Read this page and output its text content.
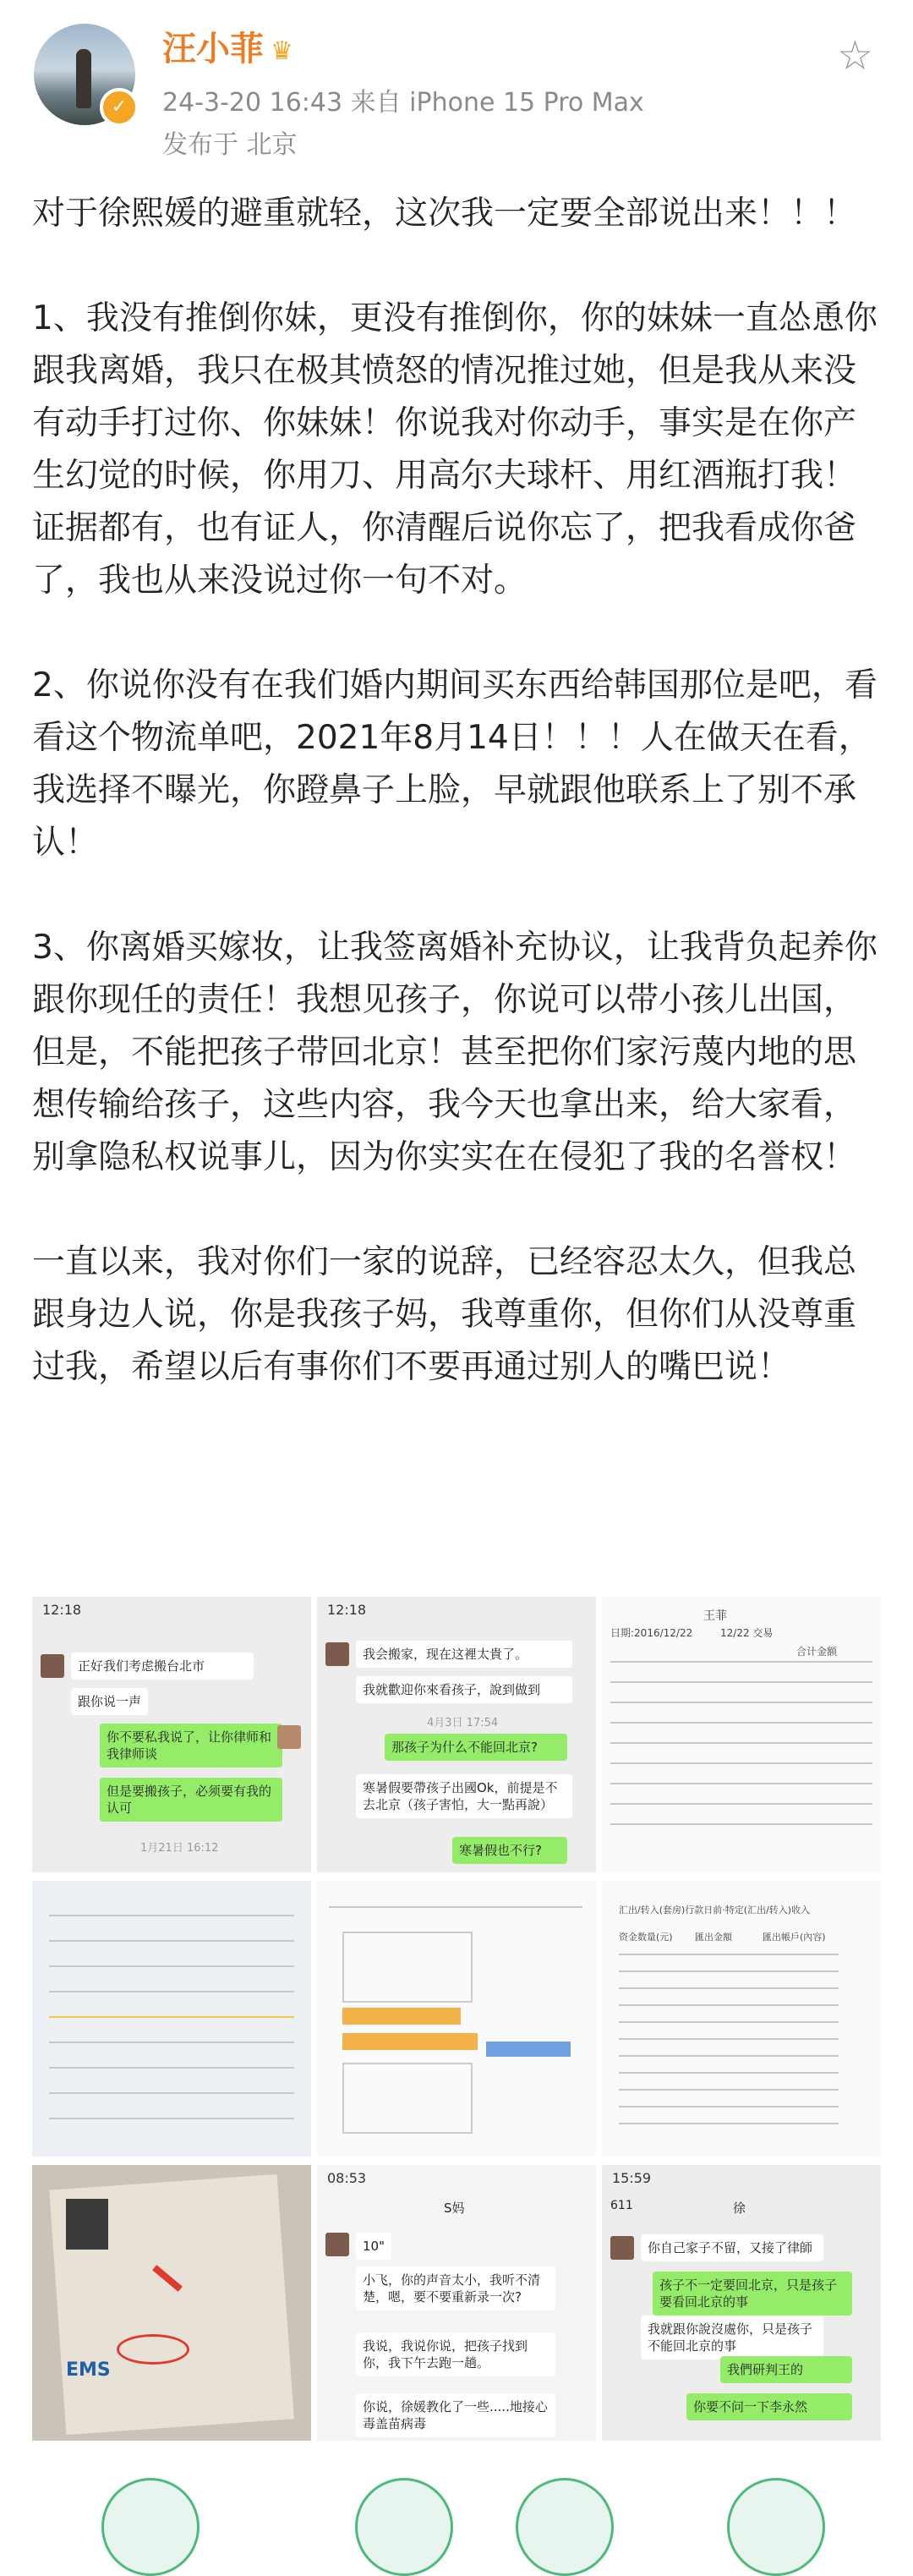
✓
汪小菲 ♛
24-3-20 16:43 来自 iPhone 15 Pro Max
发布于 北京
☆

对于徐熙媛的避重就轻，这次我一定要全部说出来！！！

1、我没有推倒你妹，更没有推倒你，你的妹妹一直怂恿你跟我离婚，我只在极其愤怒的情况推过她，但是我从来没有动手打过你、你妹妹！你说我对你动手，事实是在你产生幻觉的时候，你用刀、用高尔夫球杆、用红酒瓶打我！证据都有，也有证人，你清醒后说你忘了，把我看成你爸了，我也从来没说过你一句不对。

2、你说你没有在我们婚内期间买东西给韩国那位是吧，看看这个物流单吧，2021年8月14日！！！人在做天在看，我选择不曝光，你蹬鼻子上脸，早就跟他联系上了别不承认！

3、你离婚买嫁妆，让我签离婚补充协议，让我背负起养你跟你现任的责任！我想见孩子，你说可以带小孩儿出国，但是，不能把孩子带回北京！甚至把你们家污蔑内地的思想传输给孩子，这些内容，我今天也拿出来，给大家看，别拿隐私权说事儿，因为你实实在在侵犯了我的名誉权！

一直以来，我对你们一家的说辞，已经容忍太久，但我总跟身边人说，你是我孩子妈，我尊重你，但你们从没尊重过我，希望以后有事你们不要再通过别人的嘴巴说！

12:18
正好我们考虑搬台北市
跟你说一声
你不要私我说了，让你律师和我律师谈
但是要搬孩子，必须要有我的认可
1月21日 16:12
12:18
我会搬家，现在这裡太貴了。
我就歡迎你來看孩子，說到做到
4月3日 17:54
那孩子为什么不能回北京?
寒暑假要帶孩子出國Ok，前提是不去北京（孩子害怕，大一點再說）
寒暑假也不行?
王菲
日期:2016/12/22	12/22 交易
合计金额
汇出/转入(套房)行款日前·特定(汇出/转入)收入
资金数量(元) 匯出金額	匯出帳戶(內容)
EMS
08:53
S妈
10"
小飞，你的声音太小，我听不清楚，嗯，要不要重新录一次?
我说，我说你说，把孩子找到你，我下午去跑一趟。
你说，徐媛教化了一些.....地接心毒盖苗病毒
15:59
611	徐
你自己家子不留，又接了律師
孩子不一定要回北京，只是孩子要看回北京的事
我就跟你說沒處你，只是孩子不能回北京的事
我們研判王的
你要不问一下李永然
